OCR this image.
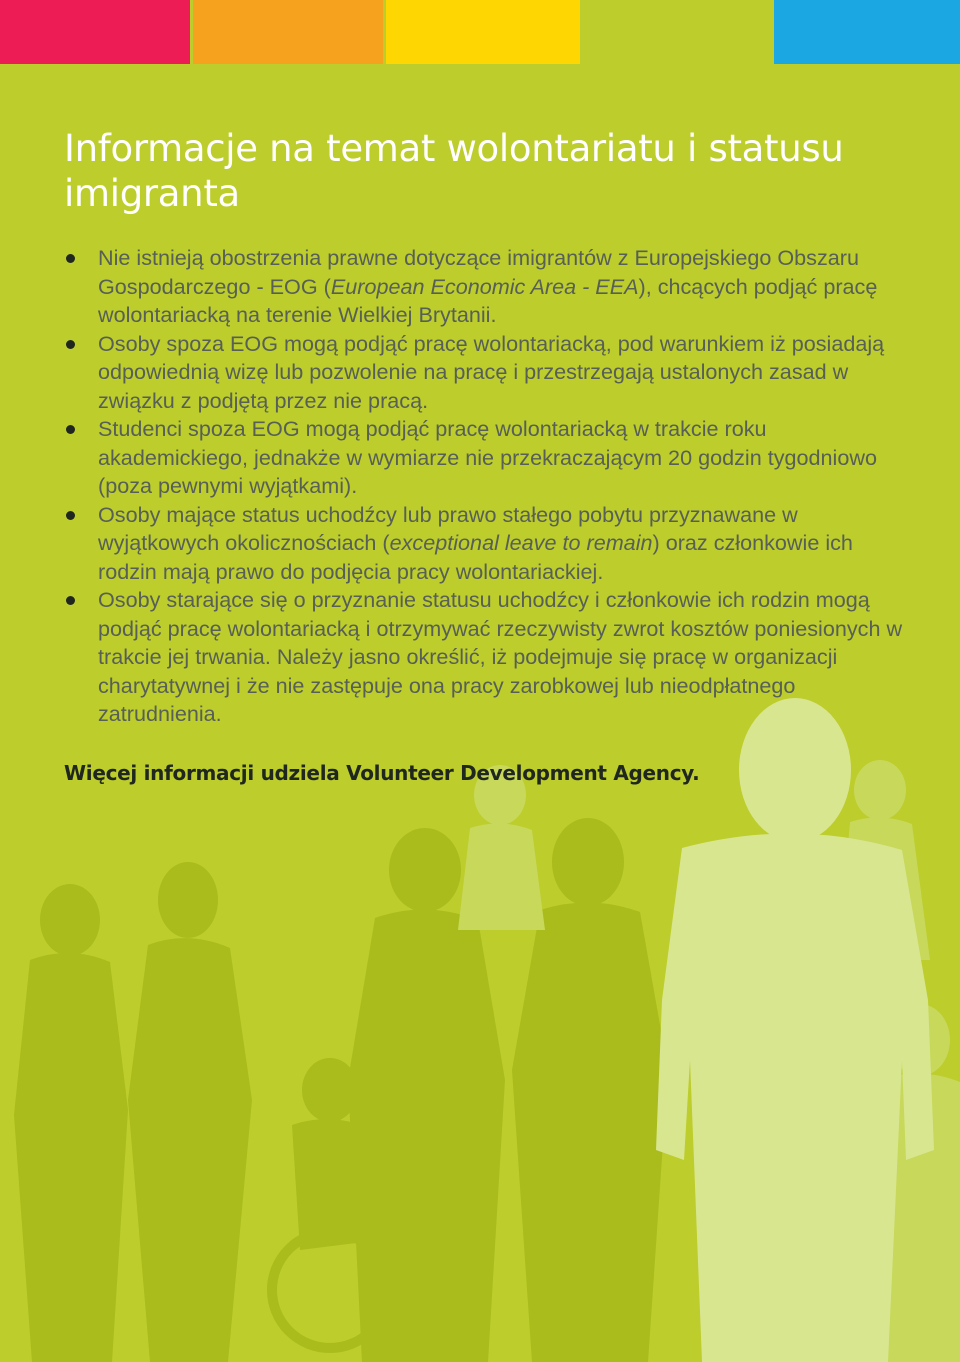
Informacje na temat wolontariatu i statusu imigranta
Nie istnieją obostrzenia prawne dotyczące imigrantów z Europejskiego Obszaru Gospodarczego - EOG (European Economic Area - EEA), chcących podjąć pracę wolontariacką na terenie Wielkiej Brytanii.
Osoby spoza EOG mogą podjąć pracę wolontariacką, pod warunkiem iż posiadają odpowiednią wizę lub pozwolenie na pracę i przestrzegają ustalonych zasad w związku z podjętą przez nie pracą.
Studenci spoza EOG mogą podjąć pracę wolontariacką w trakcie roku akademickiego, jednakże w wymiarze nie przekraczającym 20 godzin tygodniowo (poza pewnymi wyjątkami).
Osoby mające status uchodźcy lub prawo stałego pobytu przyznawane w wyjątkowych okolicznościach (exceptional leave to remain) oraz członkowie ich rodzin mają prawo do podjęcia pracy wolontariackiej.
Osoby starające się o przyznanie statusu uchodźcy i członkowie ich rodzin mogą podjąć pracę wolontariacką i otrzymywać rzeczywisty zwrot kosztów poniesionych w trakcie jej trwania. Należy jasno określić, iż podejmuje się pracę w organizacji charytatywnej i że nie zastępuje ona pracy zarobkowej lub nieodpłatnego zatrudnienia.
Więcej informacji udziela Volunteer Development Agency.
